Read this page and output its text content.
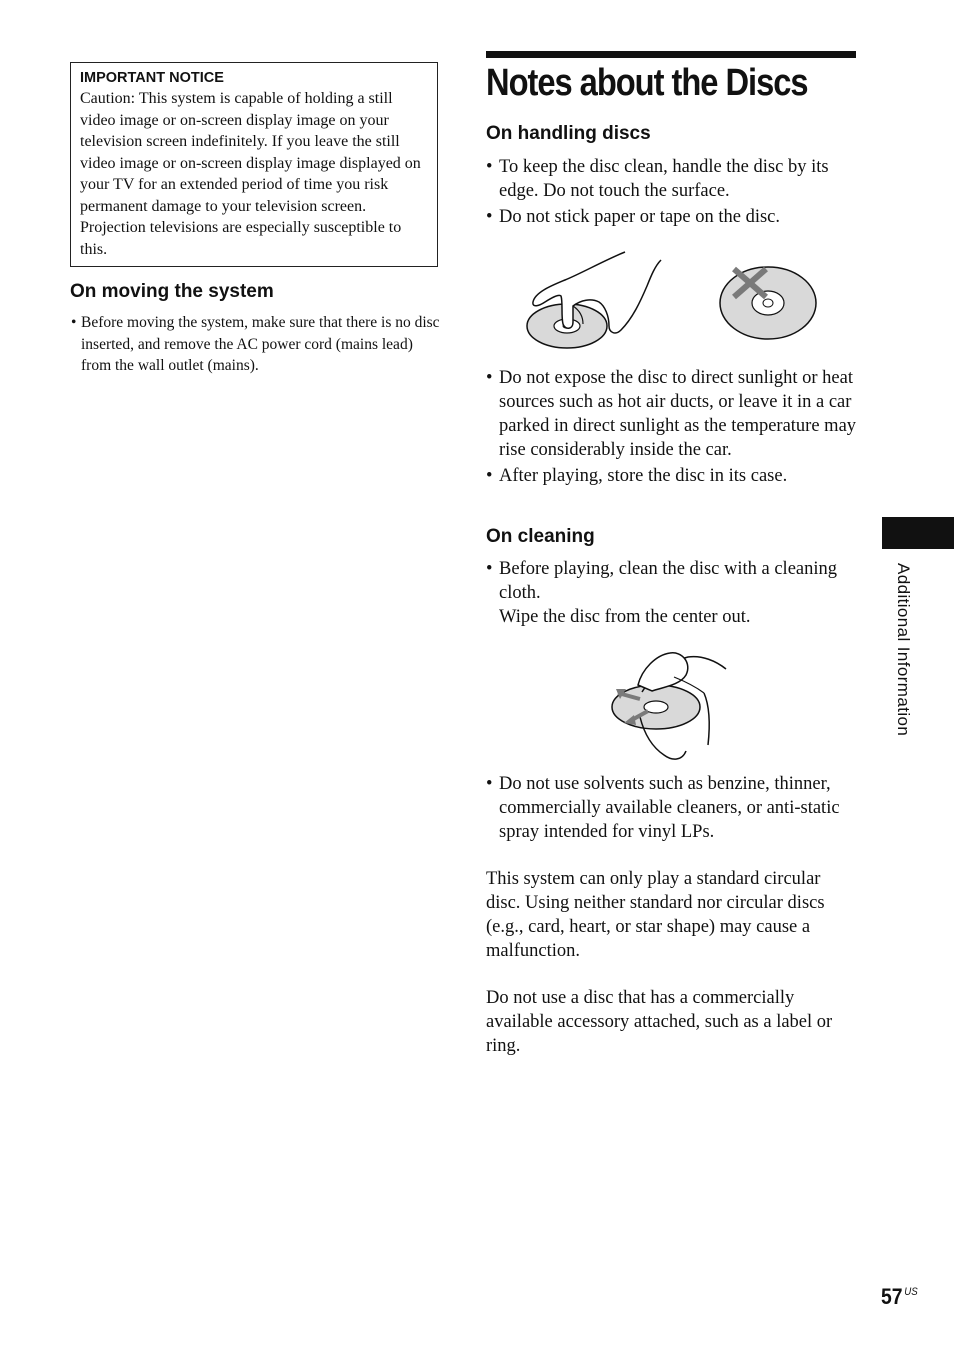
IMPORTANT NOTICE
Caution: This system is capable of holding a still video image or on-screen display image on your television screen indefinitely. If you leave the still video image or on-screen display image displayed on your TV for an extended period of time you risk permanent damage to your television screen. Projection televisions are especially susceptible to this.
On moving the system
• Before moving the system, make sure that there is no disc inserted, and remove the AC power cord (mains lead) from the wall outlet (mains).
Notes about the Discs
On handling discs
• To keep the disc clean, handle the disc by its edge. Do not touch the surface.
• Do not stick paper or tape on the disc.
• Do not expose the disc to direct sunlight or heat sources such as hot air ducts, or leave it in a car parked in direct sunlight as the temperature may rise considerably inside the car.
• After playing, store the disc in its case.
On cleaning
• Before playing, clean the disc with a cleaning cloth.
Wipe the disc from the center out.
• Do not use solvents such as benzine, thinner, commercially available cleaners, or anti-static spray intended for vinyl LPs.

This system can only play a standard circular disc. Using neither standard nor circular discs (e.g., card, heart, or star shape) may cause a malfunction.

Do not use a disc that has a commercially available accessory attached, such as a label or ring.

Additional Information
57 $^{US}$
